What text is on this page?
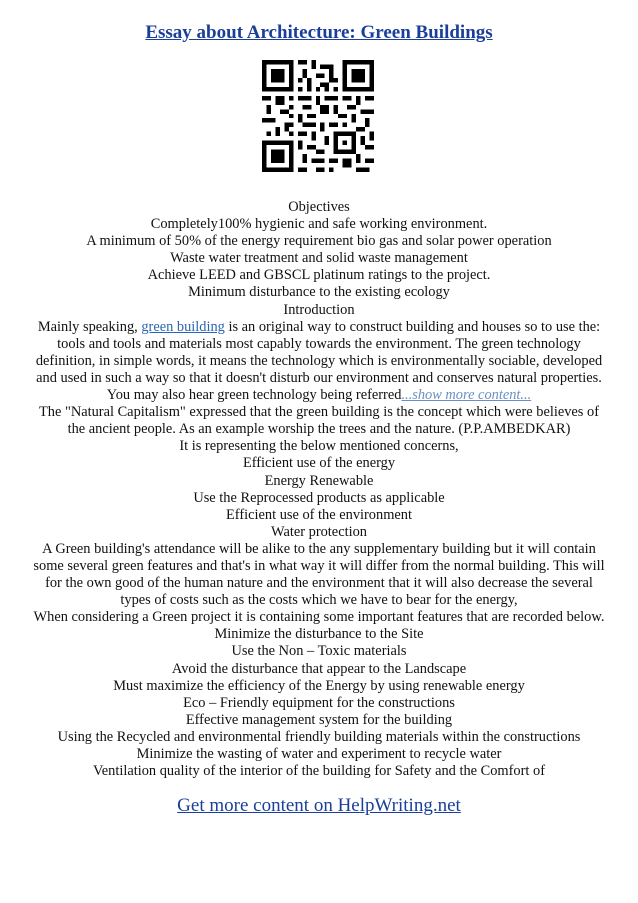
Essay about Architecture: Green Buildings
Objectives
Completely100% hygienic and safe working environment.
A minimum of 50% of the energy requirement bio gas and solar power operation
Waste water treatment and solid waste management
Achieve LEED and GBSCL platinum ratings to the project.
Minimum disturbance to the existing ecology
Introduction
Mainly speaking, green building is an original way to construct building and houses so to use the:
tools and tools and materials most capably towards the environment. The green technology
definition, in simple words, it means the technology which is environmentally sociable, developed
and used in such a way so that it doesn't disturb our environment and conserves natural properties.
You may also hear green technology being referred...show more content...
The "Natural Capitalism" expressed that the green building is the concept which were believes of
the ancient people. As an example worship the trees and the nature. (P.P.AMBEDKAR)
It is representing the below mentioned concerns,
Efficient use of the energy
Energy Renewable
Use the Reprocessed products as applicable
Efficient use of the environment
Water protection
A Green building's attendance will be alike to the any supplementary building but it will contain
some several green features and that's in what way it will differ from the normal building. This will
for the own good of the human nature and the environment that it will also decrease the several
types of costs such as the costs which we have to bear for the energy,
When considering a Green project it is containing some important features that are recorded below.
Minimize the disturbance to the Site
Use the Non – Toxic materials
Avoid the disturbance that appear to the Landscape
Must maximize the efficiency of the Energy by using renewable energy
Eco – Friendly equipment for the constructions
Effective management system for the building
Using the Recycled and environmental friendly building materials within the constructions
Minimize the wasting of water and experiment to recycle water
Ventilation quality of the interior of the building for Safety and the Comfort of
Get more content on HelpWriting.net
